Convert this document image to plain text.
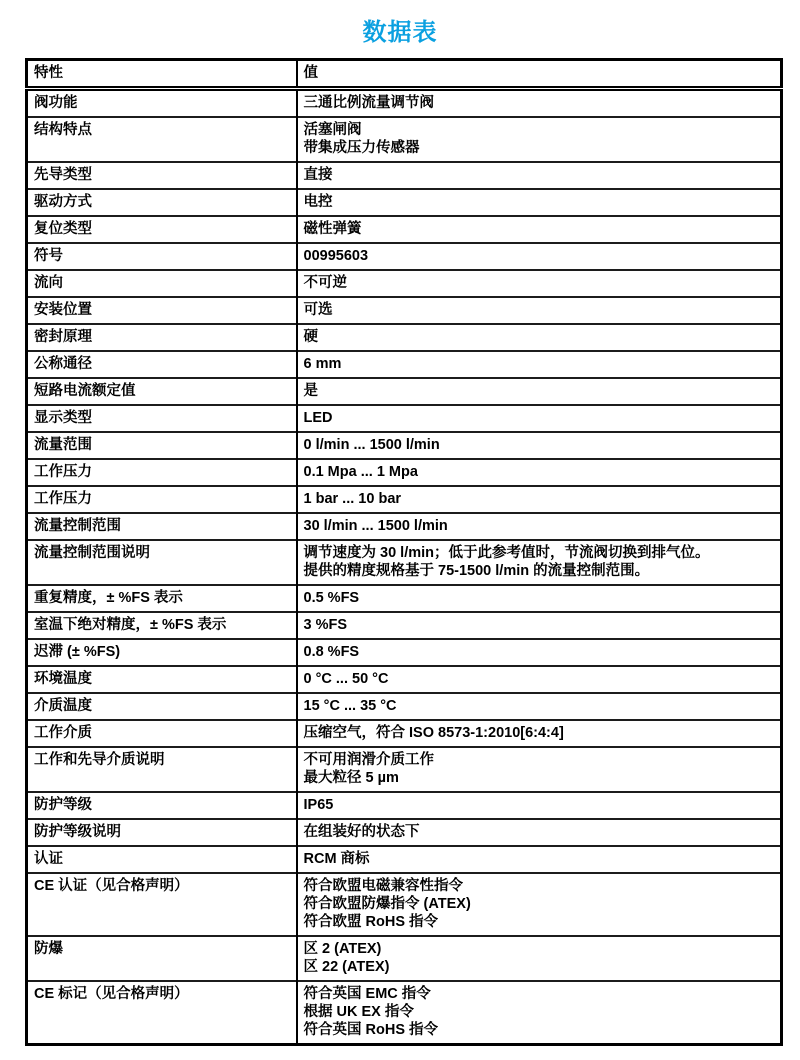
数据表
特性	值
阀功能	三通比例流量调节阀

结构特点	活塞闸阀
带集成压力传感器

先导类型	直接

驱动方式	电控

复位类型	磁性弹簧

符号	00995603

流向	不可逆

安装位置	可选

密封原理	硬

公称通径	6 mm

短路电流额定值	是

显示类型	LED

流量范围	0 l/min ... 1500 l/min

工作压力	0.1 Mpa ... 1 Mpa

工作压力	1 bar ... 10 bar

流量控制范围	30 l/min ... 1500 l/min

流量控制范围说明	调节速度为 30 l/min；低于此参考值时，节流阀切换到排气位。
提供的精度规格基于 75-1500 l/min 的流量控制范围。

重复精度，± %FS 表示	0.5 %FS

室温下绝对精度，± %FS 表示	3 %FS

迟滞 (± %FS)	0.8 %FS

环境温度	0 °C ... 50 °C

介质温度	15 °C ... 35 °C

工作介质	压缩空气，符合 ISO 8573-1:2010[6:4:4]

工作和先导介质说明	不可用润滑介质工作
最大粒径 5 µm

防护等级	IP65

防护等级说明	在组装好的状态下

认证	RCM 商标

CE 认证（见合格声明）	符合欧盟电磁兼容性指令
符合欧盟防爆指令 (ATEX)
符合欧盟 RoHS 指令

防爆	区 2 (ATEX)
区 22 (ATEX)

CE 标记（见合格声明）	符合英国 EMC 指令
根据 UK EX 指令
符合英国 RoHS 指令
